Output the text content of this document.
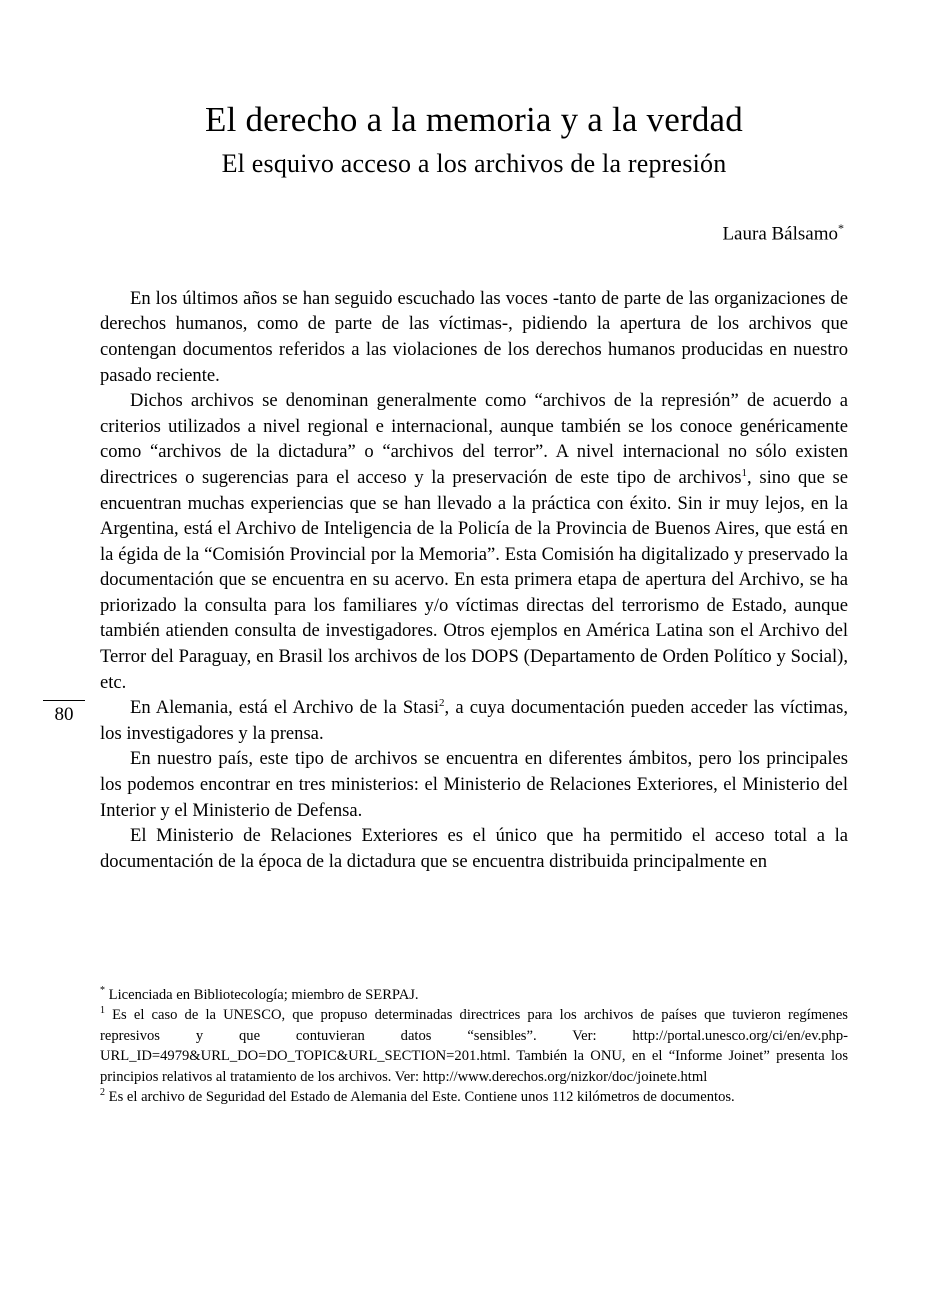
80
El derecho a la memoria y a la verdad
El esquivo acceso a los archivos de la represión
Laura Bálsamo*

En los últimos años se han seguido escuchado las voces -tanto de parte de las organizaciones de derechos humanos, como de parte de las víctimas-, pidiendo la apertura de los archivos que contengan documentos referidos a las violaciones de los derechos humanos producidas en nuestro pasado reciente.

Dichos archivos se denominan generalmente como “archivos de la represión” de acuerdo a criterios utilizados a nivel regional e internacional, aunque también se los conoce genéricamente como “archivos de la dictadura” o “archivos del terror”. A nivel internacional no sólo existen directrices o sugerencias para el acceso y la preservación de este tipo de archivos$^1$, sino que se encuentran muchas experiencias que se han llevado a la práctica con éxito. Sin ir muy lejos, en la Argentina, está el Archivo de Inteligencia de la Policía de la Provincia de Buenos Aires, que está en la égida de la “Comisión Provincial por la Memoria”. Esta Comisión ha digitalizado y preservado la documentación que se encuentra en su acervo. En esta primera etapa de apertura del Archivo, se ha priorizado la consulta para los familiares y/o víctimas directas del terrorismo de Estado, aunque también atienden consulta de investigadores. Otros ejemplos en América Latina son el Archivo del Terror del Paraguay, en Brasil los archivos de los DOPS (Departamento de Orden Político y Social), etc.

En Alemania, está el Archivo de la Stasi$^2$, a cuya documentación pueden acceder las víctimas, los investigadores y la prensa.

En nuestro país, este tipo de archivos se encuentra en diferentes ámbitos, pero los principales los podemos encontrar en tres ministerios: el Ministerio de Relaciones Exteriores, el Ministerio del Interior y el Ministerio de Defensa.

El Ministerio de Relaciones Exteriores es el único que ha permitido el acceso total a la documentación de la época de la dictadura que se encuentra distribuida principalmente en

* Licenciada en Bibliotecología; miembro de SERPAJ.

$^1$ Es el caso de la UNESCO, que propuso determinadas directrices para los archivos de países que tuvieron regímenes represivos y que contuvieran datos “sensibles”. Ver: http://portal.unesco.org/ci/en/ev.php-URL_ID=4979&URL_DO=DO_TOPIC&URL_SECTION=201.html. También la ONU, en el “Informe Joinet” presenta los principios relativos al tratamiento de los archivos. Ver: http://www.derechos.org/nizkor/doc/joinete.html

$^2$ Es el archivo de Seguridad del Estado de Alemania del Este. Contiene unos 112 kilómetros de documentos.
